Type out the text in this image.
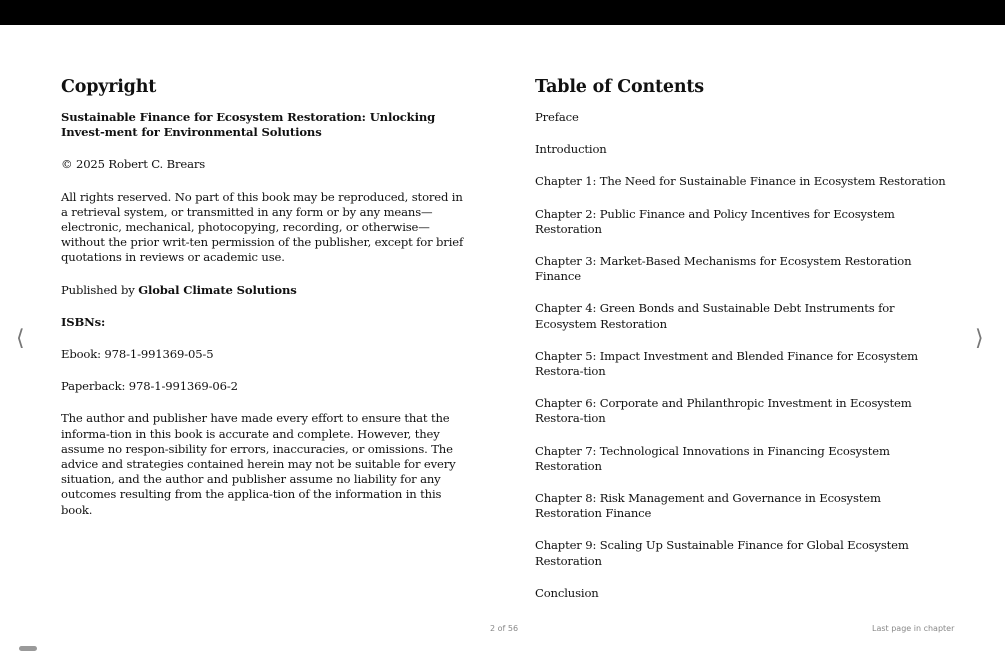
Copyright

Sustainable Finance for Ecosystem Restoration: Unlocking Invest-ment for Environmental Solutions

© 2025 Robert C. Brears

All rights reserved. No part of this book may be reproduced, stored in a retrieval system, or transmitted in any form or by any means—electronic, mechanical, photocopying, recording, or otherwise—without the prior writ-ten permission of the publisher, except for brief quotations in reviews or academic use.

Published by Global Climate Solutions

ISBNs:

Ebook: 978-1-991369-05-5

Paperback: 978-1-991369-06-2

The author and publisher have made every effort to ensure that the informa-tion in this book is accurate and complete. However, they assume no respon-sibility for errors, inaccuracies, or omissions. The advice and strategies contained herein may not be suitable for every situation, and the author and publisher assume no liability for any outcomes resulting from the applica-tion of the information in this book.

Table of Contents
Preface
Introduction
Chapter 1: The Need for Sustainable Finance in Ecosystem Restoration
Chapter 2: Public Finance and Policy Incentives for Ecosystem Restoration
Chapter 3: Market-Based Mechanisms for Ecosystem Restoration Finance
Chapter 4: Green Bonds and Sustainable Debt Instruments for Ecosystem Restoration
Chapter 5: Impact Investment and Blended Finance for Ecosystem Restora-tion
Chapter 6: Corporate and Philanthropic Investment in Ecosystem Restora-tion
Chapter 7: Technological Innovations in Financing Ecosystem Restoration
Chapter 8: Risk Management and Governance in Ecosystem Restoration Finance
Chapter 9: Scaling Up Sustainable Finance for Global Ecosystem Restoration
Conclusion
⟨	⟩
2 of 56	Last page in chapter
